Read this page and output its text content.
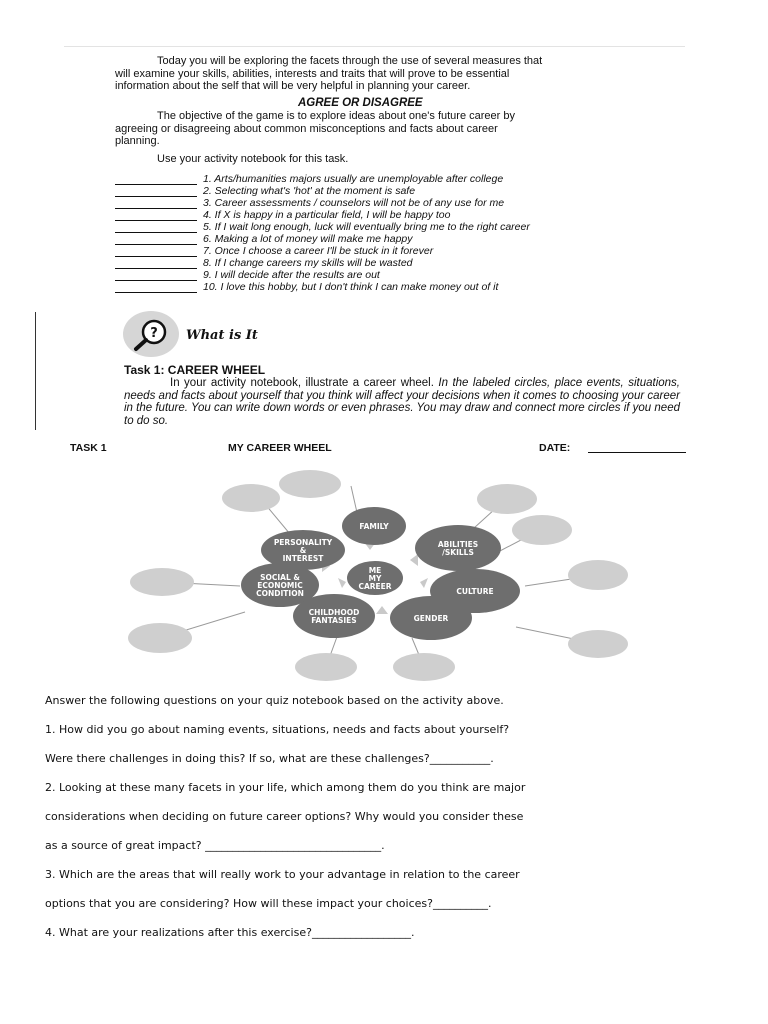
Today you will be exploring the facets through the use of several measures that
will examine your skills, abilities, interests and traits that will prove to be essential
information about the self that will be very helpful in planning your career.
AGREE OR DISAGREE
The objective of the game is to explore ideas about one's future career by
agreeing or disagreeing about common misconceptions and facts about career
planning.
Use your activity notebook for this task.
1. Arts/humanities majors usually are unemployable after college
2. Selecting what's 'hot' at the moment is safe
3. Career assessments / counselors will not be of any use for me
4. If X is happy in a particular field, I will be happy too
5. If I wait long enough, luck will eventually bring me to the right career
6. Making a lot of money will make me happy
7. Once I choose a career I'll be stuck in it forever
8. If I change careers my skills will be wasted
9. I will decide after the results are out
10. I love this hobby, but I don't think I can make money out of it
? What is It
Task 1: CAREER WHEEL
In your activity notebook, illustrate a career wheel. In the labeled circles, place events, situations, needs and facts about yourself that you think will affect your decisions when it comes to choosing your career in the future. You can write down words or even phrases. You may draw and connect more circles if you need to do so.
TASK 1	MY CAREER WHEEL	DATE:
FAMILY
PERSONALITY
&
INTEREST
ABILITIES
/SKILLS
SOCIAL &
ECONOMIC
CONDITION
ME
MY
CAREER
CULTURE
CHILDHOOD
FANTASIES	GENDER
Answer the following questions on your quiz notebook based on the activity above.
1. How did you go about naming events, situations, needs and facts about yourself?
Were there challenges in doing this? If so, what are these challenges?___________.
2. Looking at these many facets in your life, which among them do you think are major
considerations when deciding on future career options? Why would you consider these
as a source of great impact? ________________________________.
3. Which are the areas that will really work to your advantage in relation to the career
options that you are considering? How will these impact your choices?__________.
4. What are your realizations after this exercise?__________________.
